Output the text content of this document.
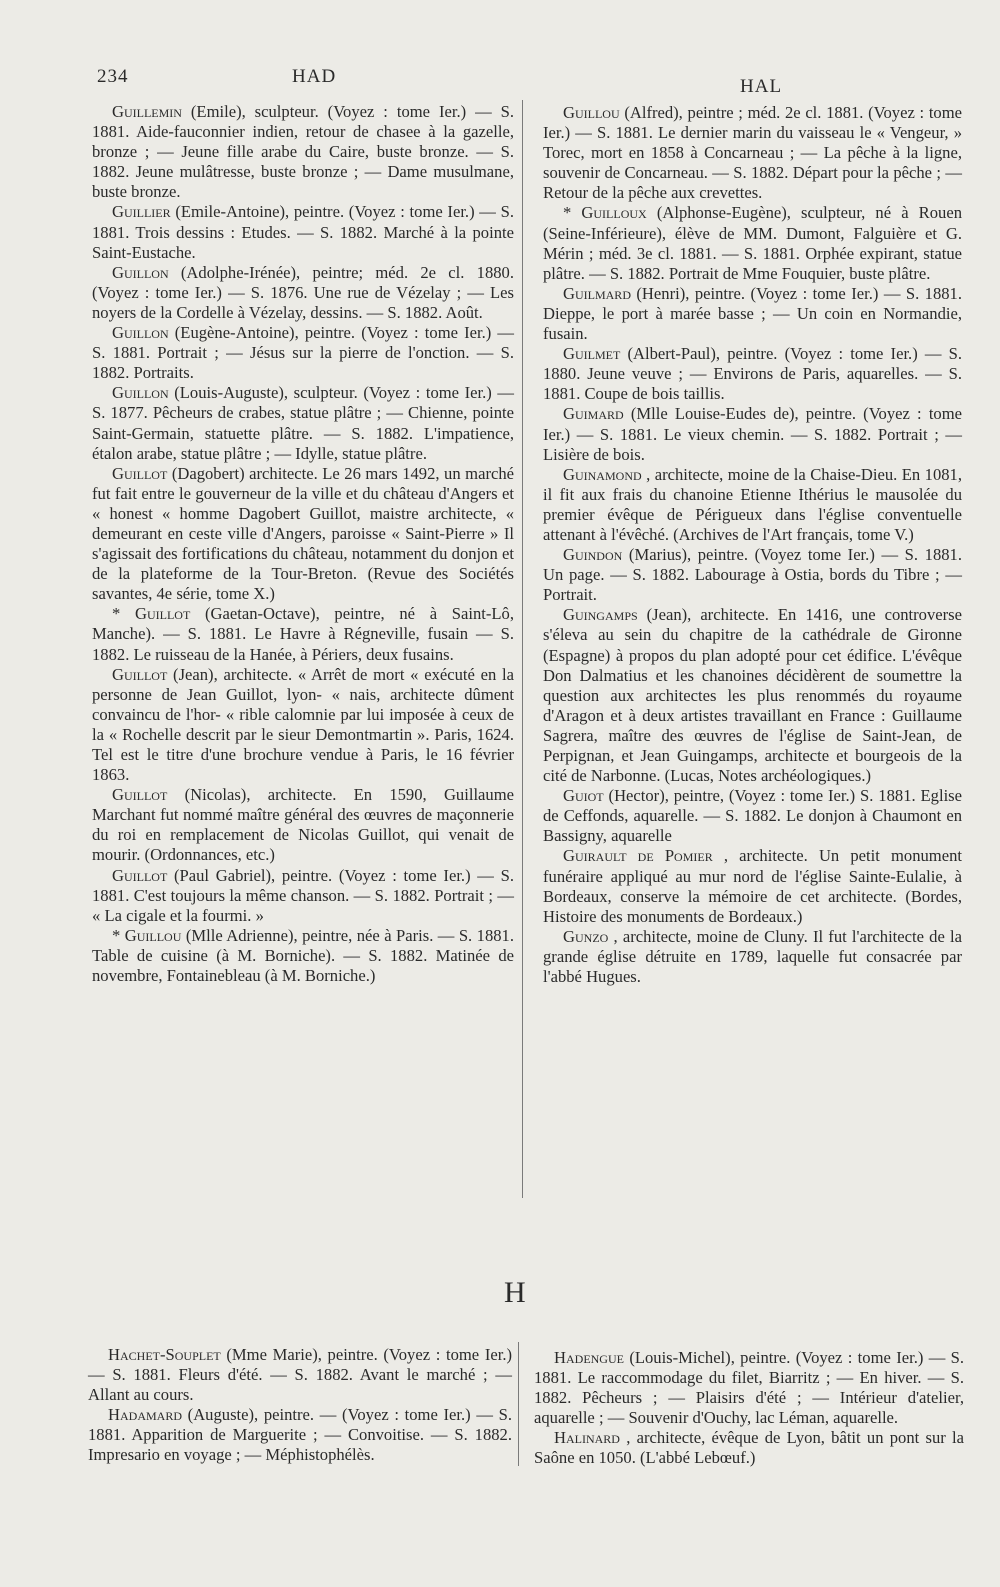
234	HAD	HAL

Guillemin (Emile), sculpteur. (Voyez : tome Ier.) — S. 1881. Aide-fauconnier indien, retour de chasee à la gazelle, bronze ; — Jeune fille arabe du Caire, buste bronze. — S. 1882. Jeune mulâtresse, buste bronze ; — Dame musulmane, buste bronze.

Guillier (Emile-Antoine), peintre. (Voyez : tome Ier.) — S. 1881. Trois dessins : Etudes. — S. 1882. Marché à la pointe Saint-Eustache.

Guillon (Adolphe-Irénée), peintre; méd. 2e cl. 1880. (Voyez : tome Ier.) — S. 1876. Une rue de Vézelay ; — Les noyers de la Cordelle à Vézelay, dessins. — S. 1882. Août.

Guillon (Eugène-Antoine), peintre. (Voyez : tome Ier.) — S. 1881. Portrait ; — Jésus sur la pierre de l'onction. — S. 1882. Portraits.

Guillon (Louis-Auguste), sculpteur. (Voyez : tome Ier.) — S. 1877. Pêcheurs de crabes, statue plâtre ; — Chienne, pointe Saint-Germain, statuette plâtre. — S. 1882. L'impatience, étalon arabe, statue plâtre ; — Idylle, statue plâtre.

Guillot (Dagobert) architecte. Le 26 mars 1492, un marché fut fait entre le gouverneur de la ville et du château d'Angers et « honest « homme Dagobert Guillot, maistre architecte, « demeurant en ceste ville d'Angers, paroisse « Saint-Pierre » Il s'agissait des fortifications du château, notamment du donjon et de la plateforme de la Tour-Breton. (Revue des Sociétés savantes, 4e série, tome X.)

* Guillot (Gaetan-Octave), peintre, né à Saint-Lô, Manche). — S. 1881. Le Havre à Régneville, fusain — S. 1882. Le ruisseau de la Hanée, à Périers, deux fusains.

Guillot (Jean), architecte. « Arrêt de mort « exécuté en la personne de Jean Guillot, lyon- « nais, architecte dûment convaincu de l'hor- « rible calomnie par lui imposée à ceux de la « Rochelle descrit par le sieur Demontmartin ». Paris, 1624. Tel est le titre d'une brochure vendue à Paris, le 16 février 1863.

Guillot (Nicolas), architecte. En 1590, Guillaume Marchant fut nommé maître général des œuvres de maçonnerie du roi en remplacement de Nicolas Guillot, qui venait de mourir. (Ordonnances, etc.)

Guillot (Paul Gabriel), peintre. (Voyez : tome Ier.) — S. 1881. C'est toujours la même chanson. — S. 1882. Portrait ; — « La cigale et la fourmi. »

* Guillou (Mlle Adrienne), peintre, née à Paris. — S. 1881. Table de cuisine (à M. Borniche). — S. 1882. Matinée de novembre, Fontainebleau (à M. Borniche.)

Guillou (Alfred), peintre ; méd. 2e cl. 1881. (Voyez : tome Ier.) — S. 1881. Le dernier marin du vaisseau le « Vengeur, » Torec, mort en 1858 à Concarneau ; — La pêche à la ligne, souvenir de Concarneau. — S. 1882. Départ pour la pêche ; — Retour de la pêche aux crevettes.

* Guilloux (Alphonse-Eugène), sculpteur, né à Rouen (Seine-Inférieure), élève de MM. Dumont, Falguière et G. Mérin ; méd. 3e cl. 1881. — S. 1881. Orphée expirant, statue plâtre. — S. 1882. Portrait de Mme Fouquier, buste plâtre.

Guilmard (Henri), peintre. (Voyez : tome Ier.) — S. 1881. Dieppe, le port à marée basse ; — Un coin en Normandie, fusain.

Guilmet (Albert-Paul), peintre. (Voyez : tome Ier.) — S. 1880. Jeune veuve ; — Environs de Paris, aquarelles. — S. 1881. Coupe de bois taillis.

Guimard (Mlle Louise-Eudes de), peintre. (Voyez : tome Ier.) — S. 1881. Le vieux chemin. — S. 1882. Portrait ; — Lisière de bois.

Guinamond , architecte, moine de la Chaise-Dieu. En 1081, il fit aux frais du chanoine Etienne Ithérius le mausolée du premier évêque de Périgueux dans l'église conventuelle attenant à l'évêché. (Archives de l'Art français, tome V.)

Guindon (Marius), peintre. (Voyez tome Ier.) — S. 1881. Un page. — S. 1882. Labourage à Ostia, bords du Tibre ; — Portrait.

Guingamps (Jean), architecte. En 1416, une controverse s'éleva au sein du chapitre de la cathédrale de Gironne (Espagne) à propos du plan adopté pour cet édifice. L'évêque Don Dalmatius et les chanoines décidèrent de soumettre la question aux architectes les plus renommés du royaume d'Aragon et à deux artistes travaillant en France : Guillaume Sagrera, maître des œuvres de l'église de Saint-Jean, de Perpignan, et Jean Guingamps, architecte et bourgeois de la cité de Narbonne. (Lucas, Notes archéologiques.)

Guiot (Hector), peintre, (Voyez : tome Ier.) S. 1881. Eglise de Ceffonds, aquarelle. — S. 1882. Le donjon à Chaumont en Bassigny, aquarelle

Guirault de Pomier , architecte. Un petit monument funéraire appliqué au mur nord de l'église Sainte-Eulalie, à Bordeaux, conserve la mémoire de cet architecte. (Bordes, Histoire des monuments de Bordeaux.)

Gunzo , architecte, moine de Cluny. Il fut l'architecte de la grande église détruite en 1789, laquelle fut consacrée par l'abbé Hugues.

H

Hachet-Souplet (Mme Marie), peintre. (Voyez : tome Ier.) — S. 1881. Fleurs d'été. — S. 1882. Avant le marché ; — Allant au cours.

Hadamard (Auguste), peintre. — (Voyez : tome Ier.) — S. 1881. Apparition de Marguerite ; — Convoitise. — S. 1882. Impresario en voyage ; — Méphistophélès.

Hadengue (Louis-Michel), peintre. (Voyez : tome Ier.) — S. 1881. Le raccommodage du filet, Biarritz ; — En hiver. — S. 1882. Pêcheurs ; — Plaisirs d'été ; — Intérieur d'atelier, aquarelle ; — Souvenir d'Ouchy, lac Léman, aquarelle.

Halinard , architecte, évêque de Lyon, bâtit un pont sur la Saône en 1050. (L'abbé Lebœuf.)
